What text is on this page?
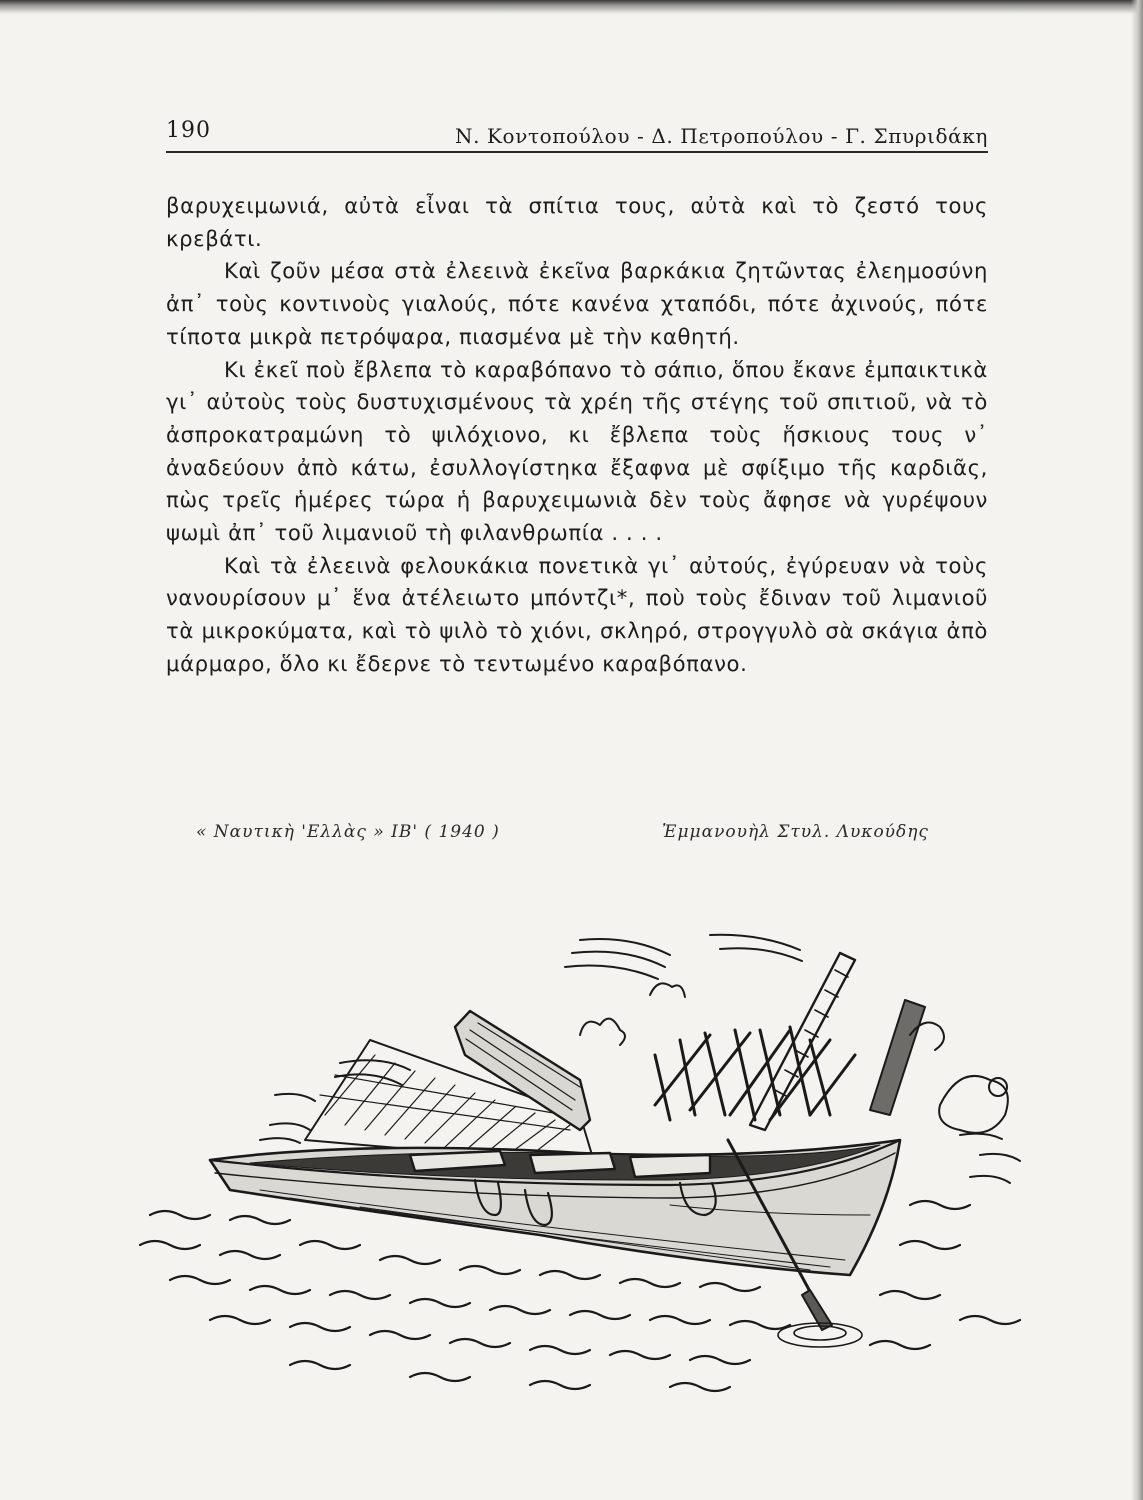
190	Ν. Κοντοπούλου - Δ. Πετροπούλου - Γ. Σπυριδάκη

βαρυχειμωνιά, αὐτὰ εἶναι τὰ σπίτια τους, αὐτὰ καὶ τὸ ζεστό τους κρεβάτι.

Καὶ ζοῦν μέσα στὰ ἐλεεινὰ ἐκεῖνα βαρκάκια ζητῶντας ἐλεημοσύνη ἀπ᾽ τοὺς κοντινοὺς γιαλούς, πότε κανένα χταπόδι, πότε ἀχινούς, πότε τίποτα μικρὰ πετρόψαρα, πιασμένα μὲ τὴν καθητή.

Κι ἐκεῖ ποὺ ἔβλεπα τὸ καραβόπανο τὸ σάπιο, ὅπου ἔκανε ἐμπαικτικὰ γι᾽ αὐτοὺς τοὺς δυστυχισμένους τὰ χρέη τῆς στέγης τοῦ σπιτιοῦ, νὰ τὸ ἀσπροκατραμώνη τὸ ψιλόχιονο, κι ἔβλεπα τοὺς ἥσκιους τους ν᾽ ἀναδεύουν ἀπὸ κάτω, ἐσυλλογίστηκα ἔξαφνα μὲ σφίξιμο τῆς καρδιᾶς, πὼς τρεῖς ἡμέρες τώρα ἡ βαρυχειμωνιὰ δὲν τοὺς ἄφησε νὰ γυρέψουν ψωμὶ ἀπ᾽ τοῦ λιμανιοῦ τὴ φιλανθρωπία . . . .

Καὶ τὰ ἐλεεινὰ φελουκάκια πονετικὰ γι᾽ αὐτούς, ἐγύρευαν νὰ τοὺς νανουρίσουν μ᾽ ἕνα ἀτέλειωτο μπόντζι*, ποὺ τοὺς ἔδιναν τοῦ λιμανιοῦ τὰ μικροκύματα, καὶ τὸ ψιλὸ τὸ χιόνι, σκληρό, στρογγυλὸ σὰ σκάγια ἀπὸ μάρμαρο, ὅλο κι ἔδερνε τὸ τεντωμένο καραβόπανο.

« Ναυτικὴ 'Ελλὰς » ΙΒ' ( 1940 )	Ἐμμανουὴλ Στυλ. Λυκούδης
